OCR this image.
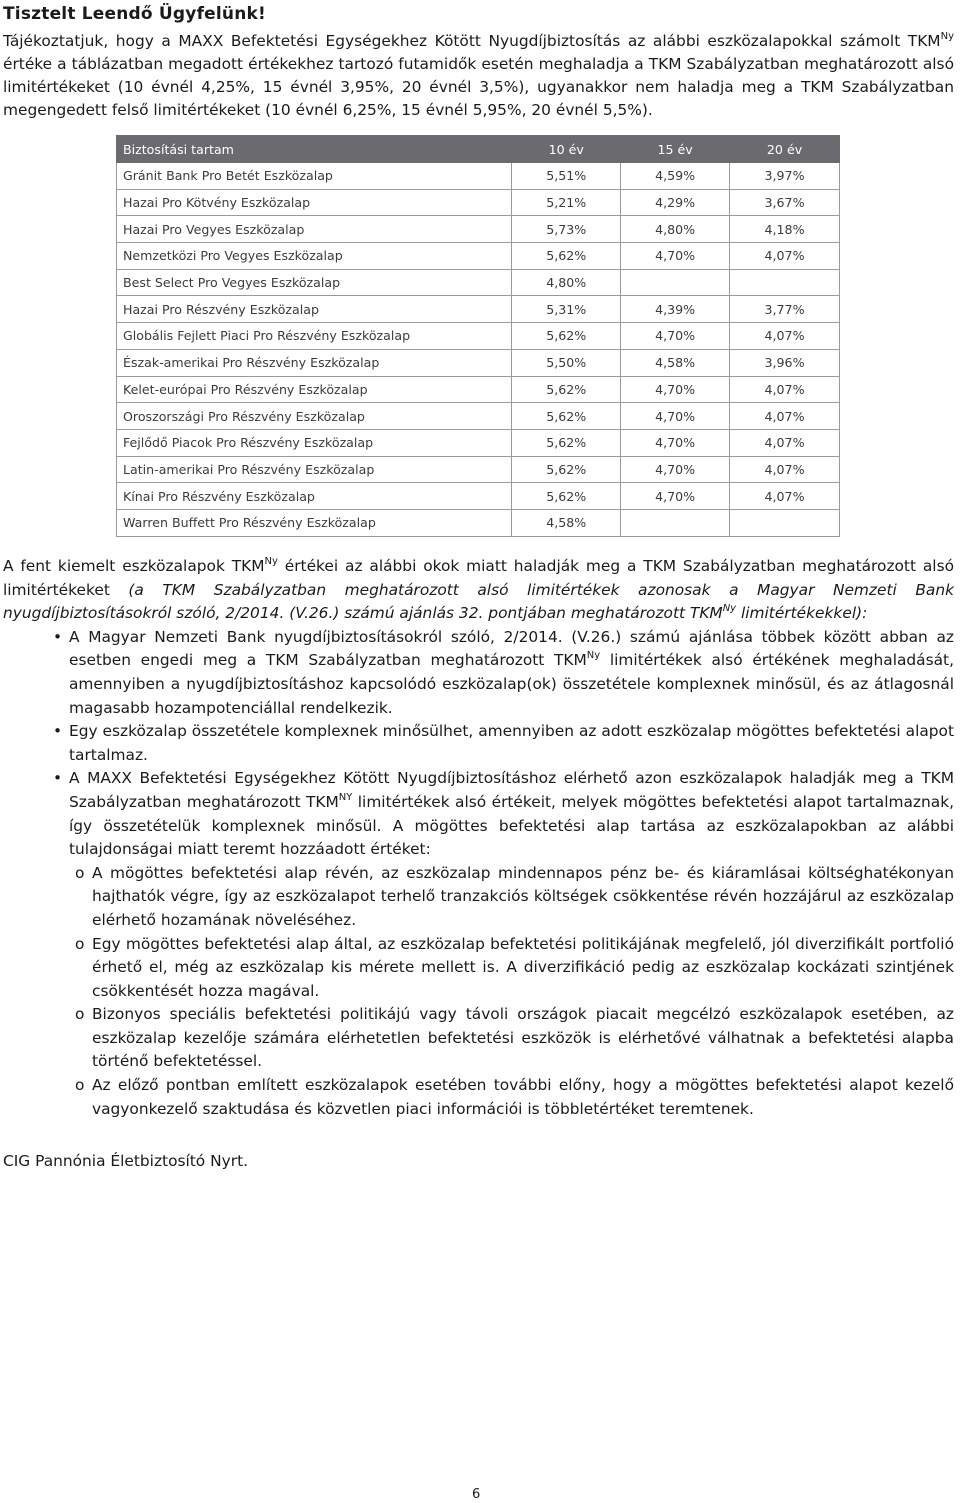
Tisztelt Leendő Ügyfelünk!
Tájékoztatjuk, hogy a MAXX Befektetési Egységekhez Kötött Nyugdíjbiztosítás az alábbi eszközalapokkal számolt $TKM^{Ny}$ értéke a táblázatban megadott értékekhez tartozó futamidők esetén meghaladja a TKM Szabályzatban meghatározott alsó limitértékeket (10 évnél 4,25%, 15 évnél 3,95%, 20 évnél 3,5%), ugyanakkor nem haladja meg a TKM Szabályzatban megengedett felső limitértékeket (10 évnél 6,25%, 15 évnél 5,95%, 20 évnél 5,5%).
Biztosítási tartam	10 év	15 év	20 év
Gránit Bank Pro Betét Eszközalap	5,51%	4,59%	3,97%
Hazai Pro Kötvény Eszközalap	5,21%	4,29%	3,67%
Hazai Pro Vegyes Eszközalap	5,73%	4,80%	4,18%
Nemzetközi Pro Vegyes Eszközalap	5,62%	4,70%	4,07%
Best Select Pro Vegyes Eszközalap	4,80%		
Hazai Pro Részvény Eszközalap	5,31%	4,39%	3,77%
Globális Fejlett Piaci Pro Részvény Eszközalap	5,62%	4,70%	4,07%
Észak-amerikai Pro Részvény Eszközalap	5,50%	4,58%	3,96%
Kelet-európai Pro Részvény Eszközalap	5,62%	4,70%	4,07%
Oroszországi Pro Részvény Eszközalap	5,62%	4,70%	4,07%
Fejlődő Piacok Pro Részvény Eszközalap	5,62%	4,70%	4,07%
Latin-amerikai Pro Részvény Eszközalap	5,62%	4,70%	4,07%
Kínai Pro Részvény Eszközalap	5,62%	4,70%	4,07%
Warren Buffett Pro Részvény Eszközalap	4,58%		
A fent kiemelt eszközalapok $TKM^{Ny}$ értékei az alábbi okok miatt haladják meg a TKM Szabályzatban meghatározott alsó limitértékeket (a TKM Szabályzatban meghatározott alsó limitértékek azonosak a Magyar Nemzeti Bank nyugdíjbiztosításokról szóló, 2/2014. (V.26.) számú ajánlás 32. pontjában meghatározott $TKM^{Ny}$ limitértékekkel):
• A Magyar Nemzeti Bank nyugdíjbiztosításokról szóló, 2/2014. (V.26.) számú ajánlása többek között abban az esetben engedi meg a TKM Szabályzatban meghatározott $TKM^{Ny}$ limitértékek alsó értékének meghaladását, amennyiben a nyugdíjbiztosításhoz kapcsolódó eszközalap(ok) összetétele komplexnek minősül, és az átlagosnál magasabb hozampotenciállal rendelkezik.
• Egy eszközalap összetétele komplexnek minősülhet, amennyiben az adott eszközalap mögöttes befektetési alapot tartalmaz.
• A MAXX Befektetési Egységekhez Kötött Nyugdíjbiztosításhoz elérhető azon eszközalapok haladják meg a TKM Szabályzatban meghatározott $TKM^{NY}$ limitértékek alsó értékeit, melyek mögöttes befektetési alapot tartalmaznak, így összetételük komplexnek minősül. A mögöttes befektetési alap tartása az eszközalapokban az alábbi tulajdonságai miatt teremt hozzáadott értéket:
o A mögöttes befektetési alap révén, az eszközalap mindennapos pénz be- és kiáramlásai költséghatékonyan hajthatók végre, így az eszközalapot terhelő tranzakciós költségek csökkentése révén hozzájárul az eszközalap elérhető hozamának növeléséhez.
o Egy mögöttes befektetési alap által, az eszközalap befektetési politikájának megfelelő, jól diverzifikált portfolió érhető el, még az eszközalap kis mérete mellett is. A diverzifikáció pedig az eszközalap kockázati szintjének csökkentését hozza magával.
o Bizonyos speciális befektetési politikájú vagy távoli országok piacait megcélzó eszközalapok esetében, az eszközalap kezelője számára elérhetetlen befektetési eszközök is elérhetővé válhatnak a befektetési alapba történő befektetéssel.
o Az előző pontban említett eszközalapok esetében további előny, hogy a mögöttes befektetési alapot kezelő vagyonkezelő szaktudása és közvetlen piaci információi is többletértéket teremtenek.
CIG Pannónia Életbiztosító Nyrt.
6
